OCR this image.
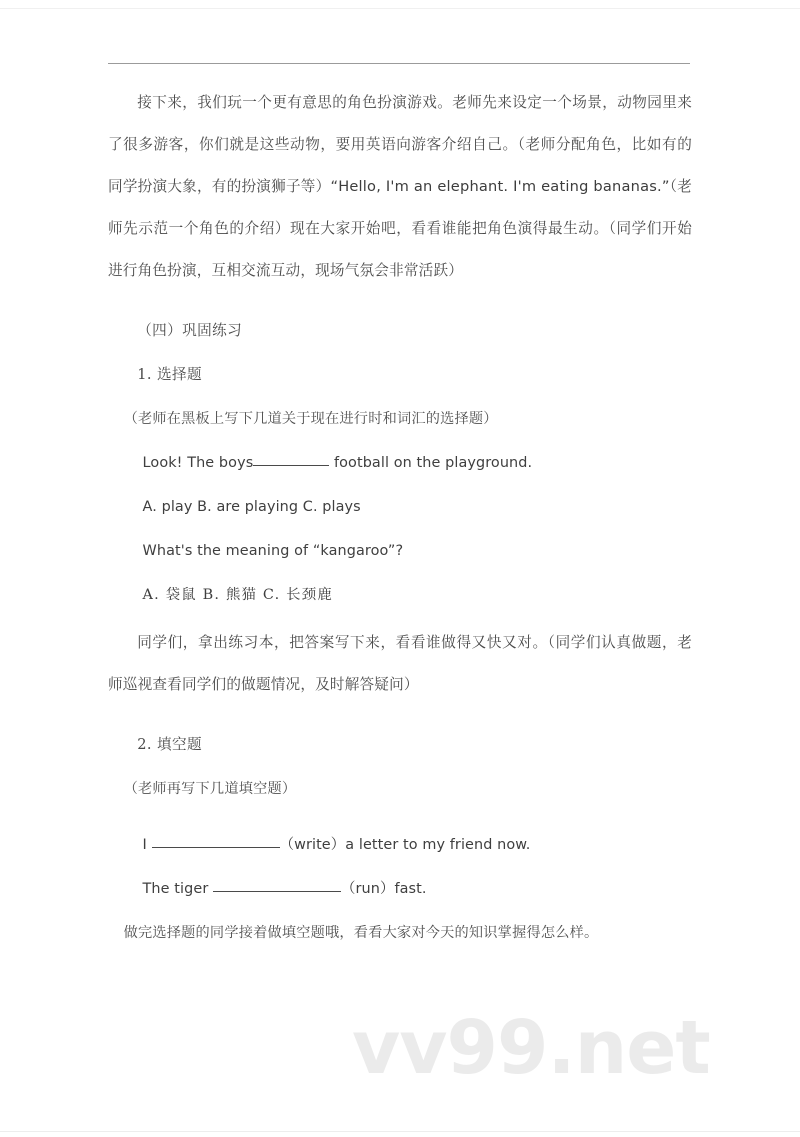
接下来，我们玩一个更有意思的角色扮演游戏。老师先来设定一个场景，动物园里来了很多游客，你们就是这些动物，要用英语向游客介绍自己。（老师分配角色，比如有的同学扮演大象，有的扮演狮子等）“Hello, I'm an elephant. I'm eating bananas.”（老师先示范一个角色的介绍）现在大家开始吧，看看谁能把角色演得最生动。（同学们开始进行角色扮演，互相交流互动，现场气氛会非常活跃）

（四）巩固练习

1. 选择题

（老师在黑板上写下几道关于现在进行时和词汇的选择题）

Look! The boys	football on the playground.

A. play B. are playing C. plays

What's the meaning of “kangaroo”?

A. 袋鼠 B. 熊猫 C. 长颈鹿

同学们，拿出练习本，把答案写下来，看看谁做得又快又对。（同学们认真做题，老师巡视查看同学们的做题情况，及时解答疑问）

2. 填空题

（老师再写下几道填空题）

I	（write）a letter to my friend now.

The tiger	（run）fast.

做完选择题的同学接着做填空题哦，看看大家对今天的知识掌握得怎么样。

vv99.net
